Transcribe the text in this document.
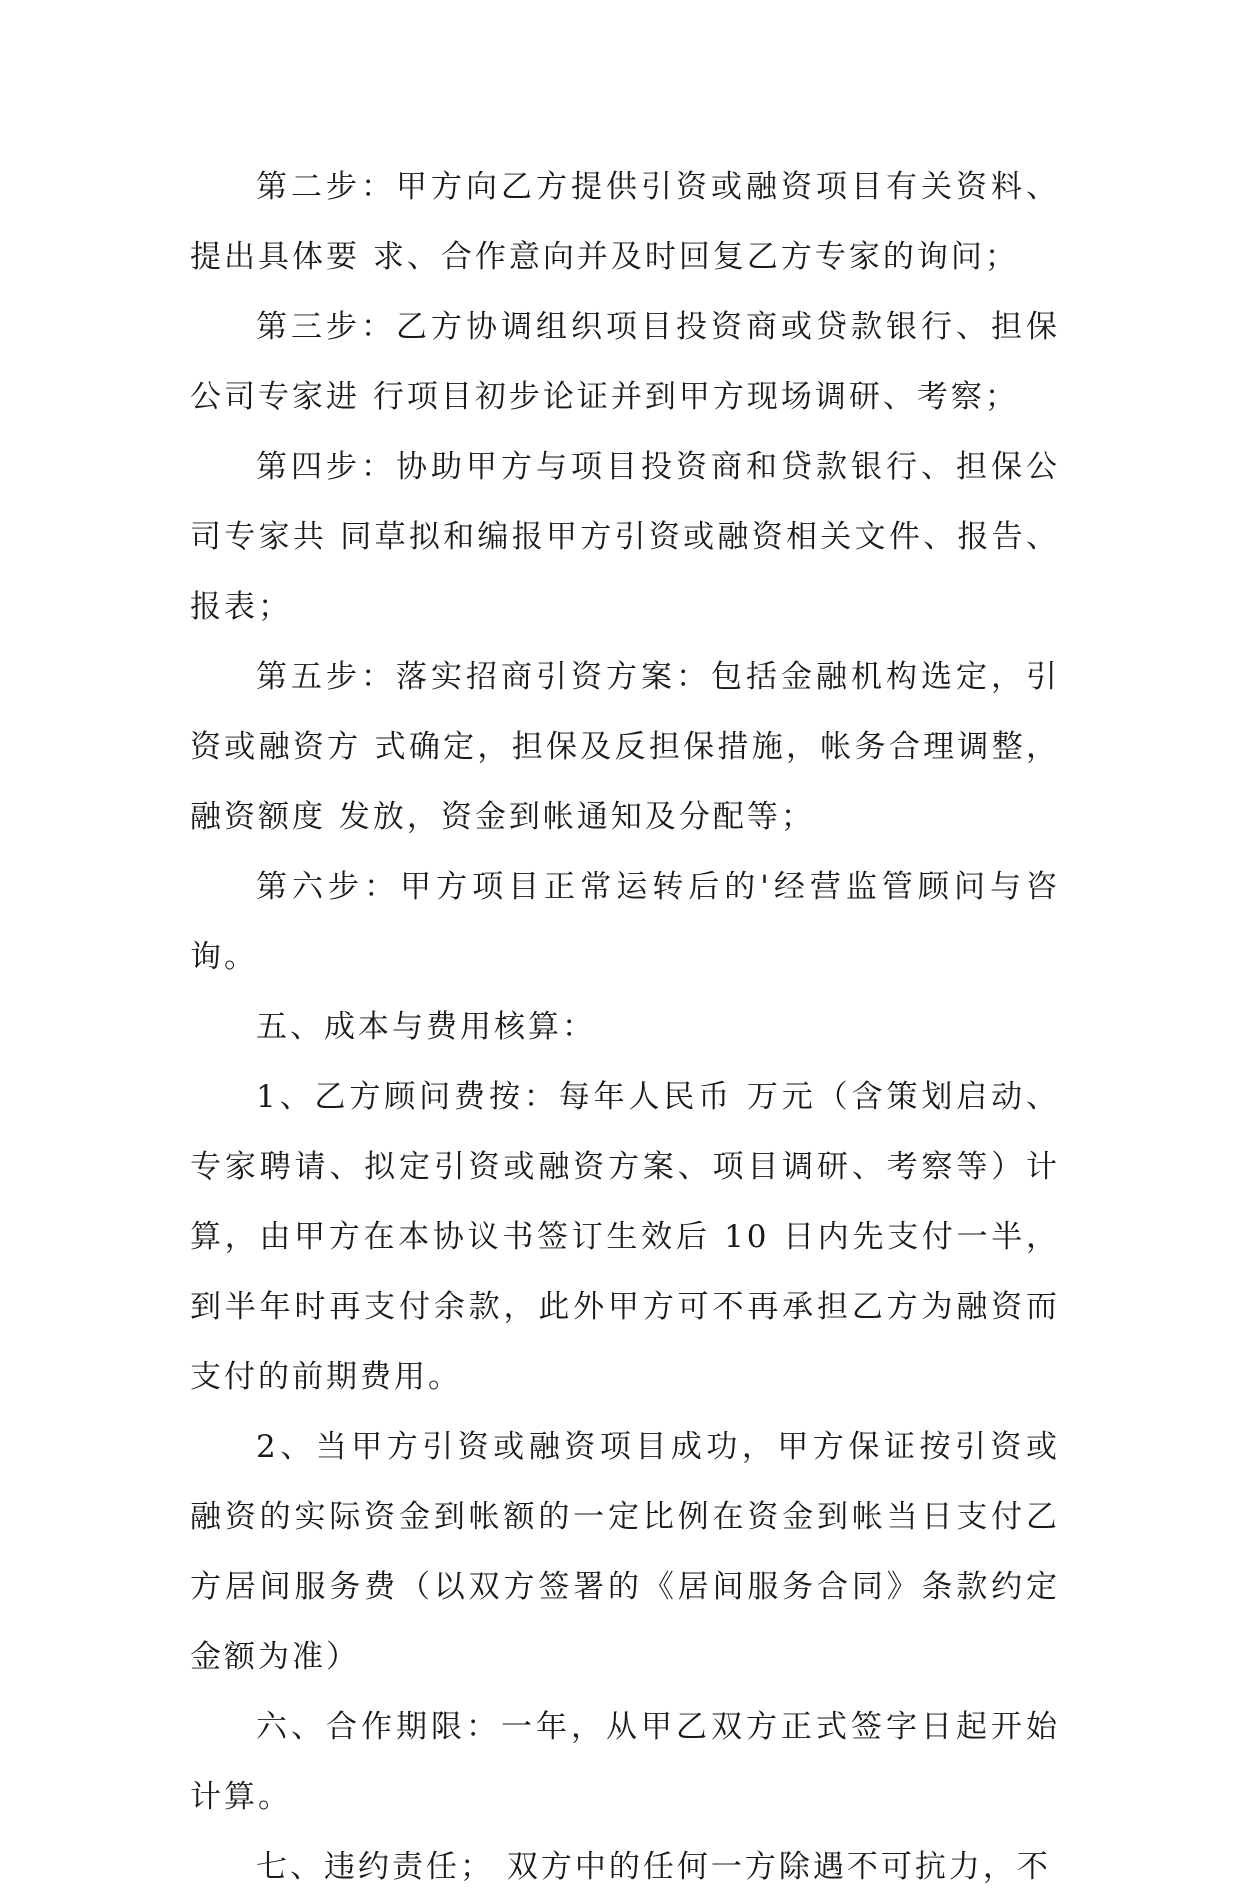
第二步：甲方向乙方提供引资或融资项目有关资料、提出具体要 求、合作意向并及时回复乙方专家的询问；

第三步：乙方协调组织项目投资商或贷款银行、担保公司专家进 行项目初步论证并到甲方现场调研、考察；

第四步：协助甲方与项目投资商和贷款银行、担保公司专家共 同草拟和编报甲方引资或融资相关文件、报告、报表；

第五步：落实招商引资方案：包括金融机构选定，引资或融资方 式确定，担保及反担保措施，帐务合理调整，融资额度 发放，资金到帐通知及分配等；

第六步：甲方项目正常运转后的'经营监管顾问与咨询。

五、成本与费用核算：

1、乙方顾问费按：每年人民币 万元（含策划启动、专家聘请、拟定引资或融资方案、项目调研、考察等）计算，由甲方在本协议书签订生效后 10 日内先支付一半，到半年时再支付余款，此外甲方可不再承担乙方为融资而支付的前期费用。

2、当甲方引资或融资项目成功，甲方保证按引资或融资的实际资金到帐额的一定比例在资金到帐当日支付乙方居间服务费（以双方签署的《居间服务合同》条款约定金额为准）

六、合作期限：一年，从甲乙双方正式签字日起开始计算。

七、违约责任； 双方中的任何一方除遇不可抗力，不
